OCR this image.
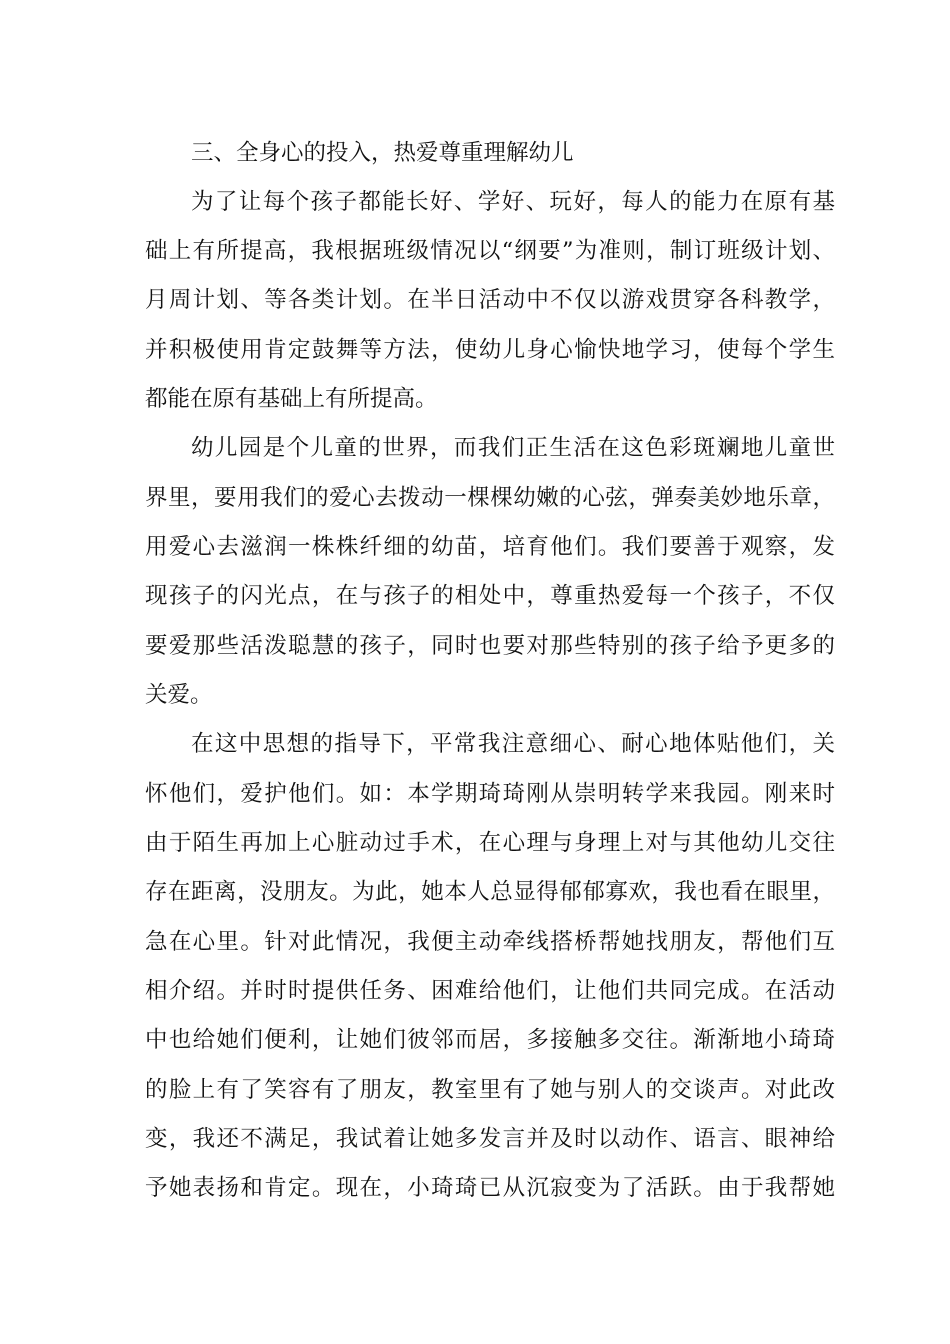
三、全身心的投入，热爱尊重理解幼儿
为了让每个孩子都能长好、学好、玩好，每人的能力在原有基
础上有所提高，我根据班级情况以“纲要”为准则，制订班级计划、
月周计划、等各类计划。在半日活动中不仅以游戏贯穿各科教学，
并积极使用肯定鼓舞等方法，使幼儿身心愉快地学习，使每个学生
都能在原有基础上有所提高。
幼儿园是个儿童的世界，而我们正生活在这色彩斑斓地儿童世
界里，要用我们的爱心去拨动一棵棵幼嫩的心弦，弹奏美妙地乐章，
用爱心去滋润一株株纤细的幼苗，培育他们。我们要善于观察，发
现孩子的闪光点，在与孩子的相处中，尊重热爱每一个孩子，不仅
要爱那些活泼聪慧的孩子，同时也要对那些特别的孩子给予更多的
关爱。
在这中思想的指导下，平常我注意细心、耐心地体贴他们，关
怀他们，爱护他们。如：本学期琦琦刚从崇明转学来我园。刚来时
由于陌生再加上心脏动过手术，在心理与身理上对与其他幼儿交往
存在距离，没朋友。为此，她本人总显得郁郁寡欢，我也看在眼里，
急在心里。针对此情况，我便主动牵线搭桥帮她找朋友，帮他们互
相介绍。并时时提供任务、困难给他们，让他们共同完成。在活动
中也给她们便利，让她们彼邻而居，多接触多交往。渐渐地小琦琦
的脸上有了笑容有了朋友，教室里有了她与别人的交谈声。对此改
变，我还不满足，我试着让她多发言并及时以动作、语言、眼神给
予她表扬和肯定。现在，小琦琦已从沉寂变为了活跃。由于我帮她
